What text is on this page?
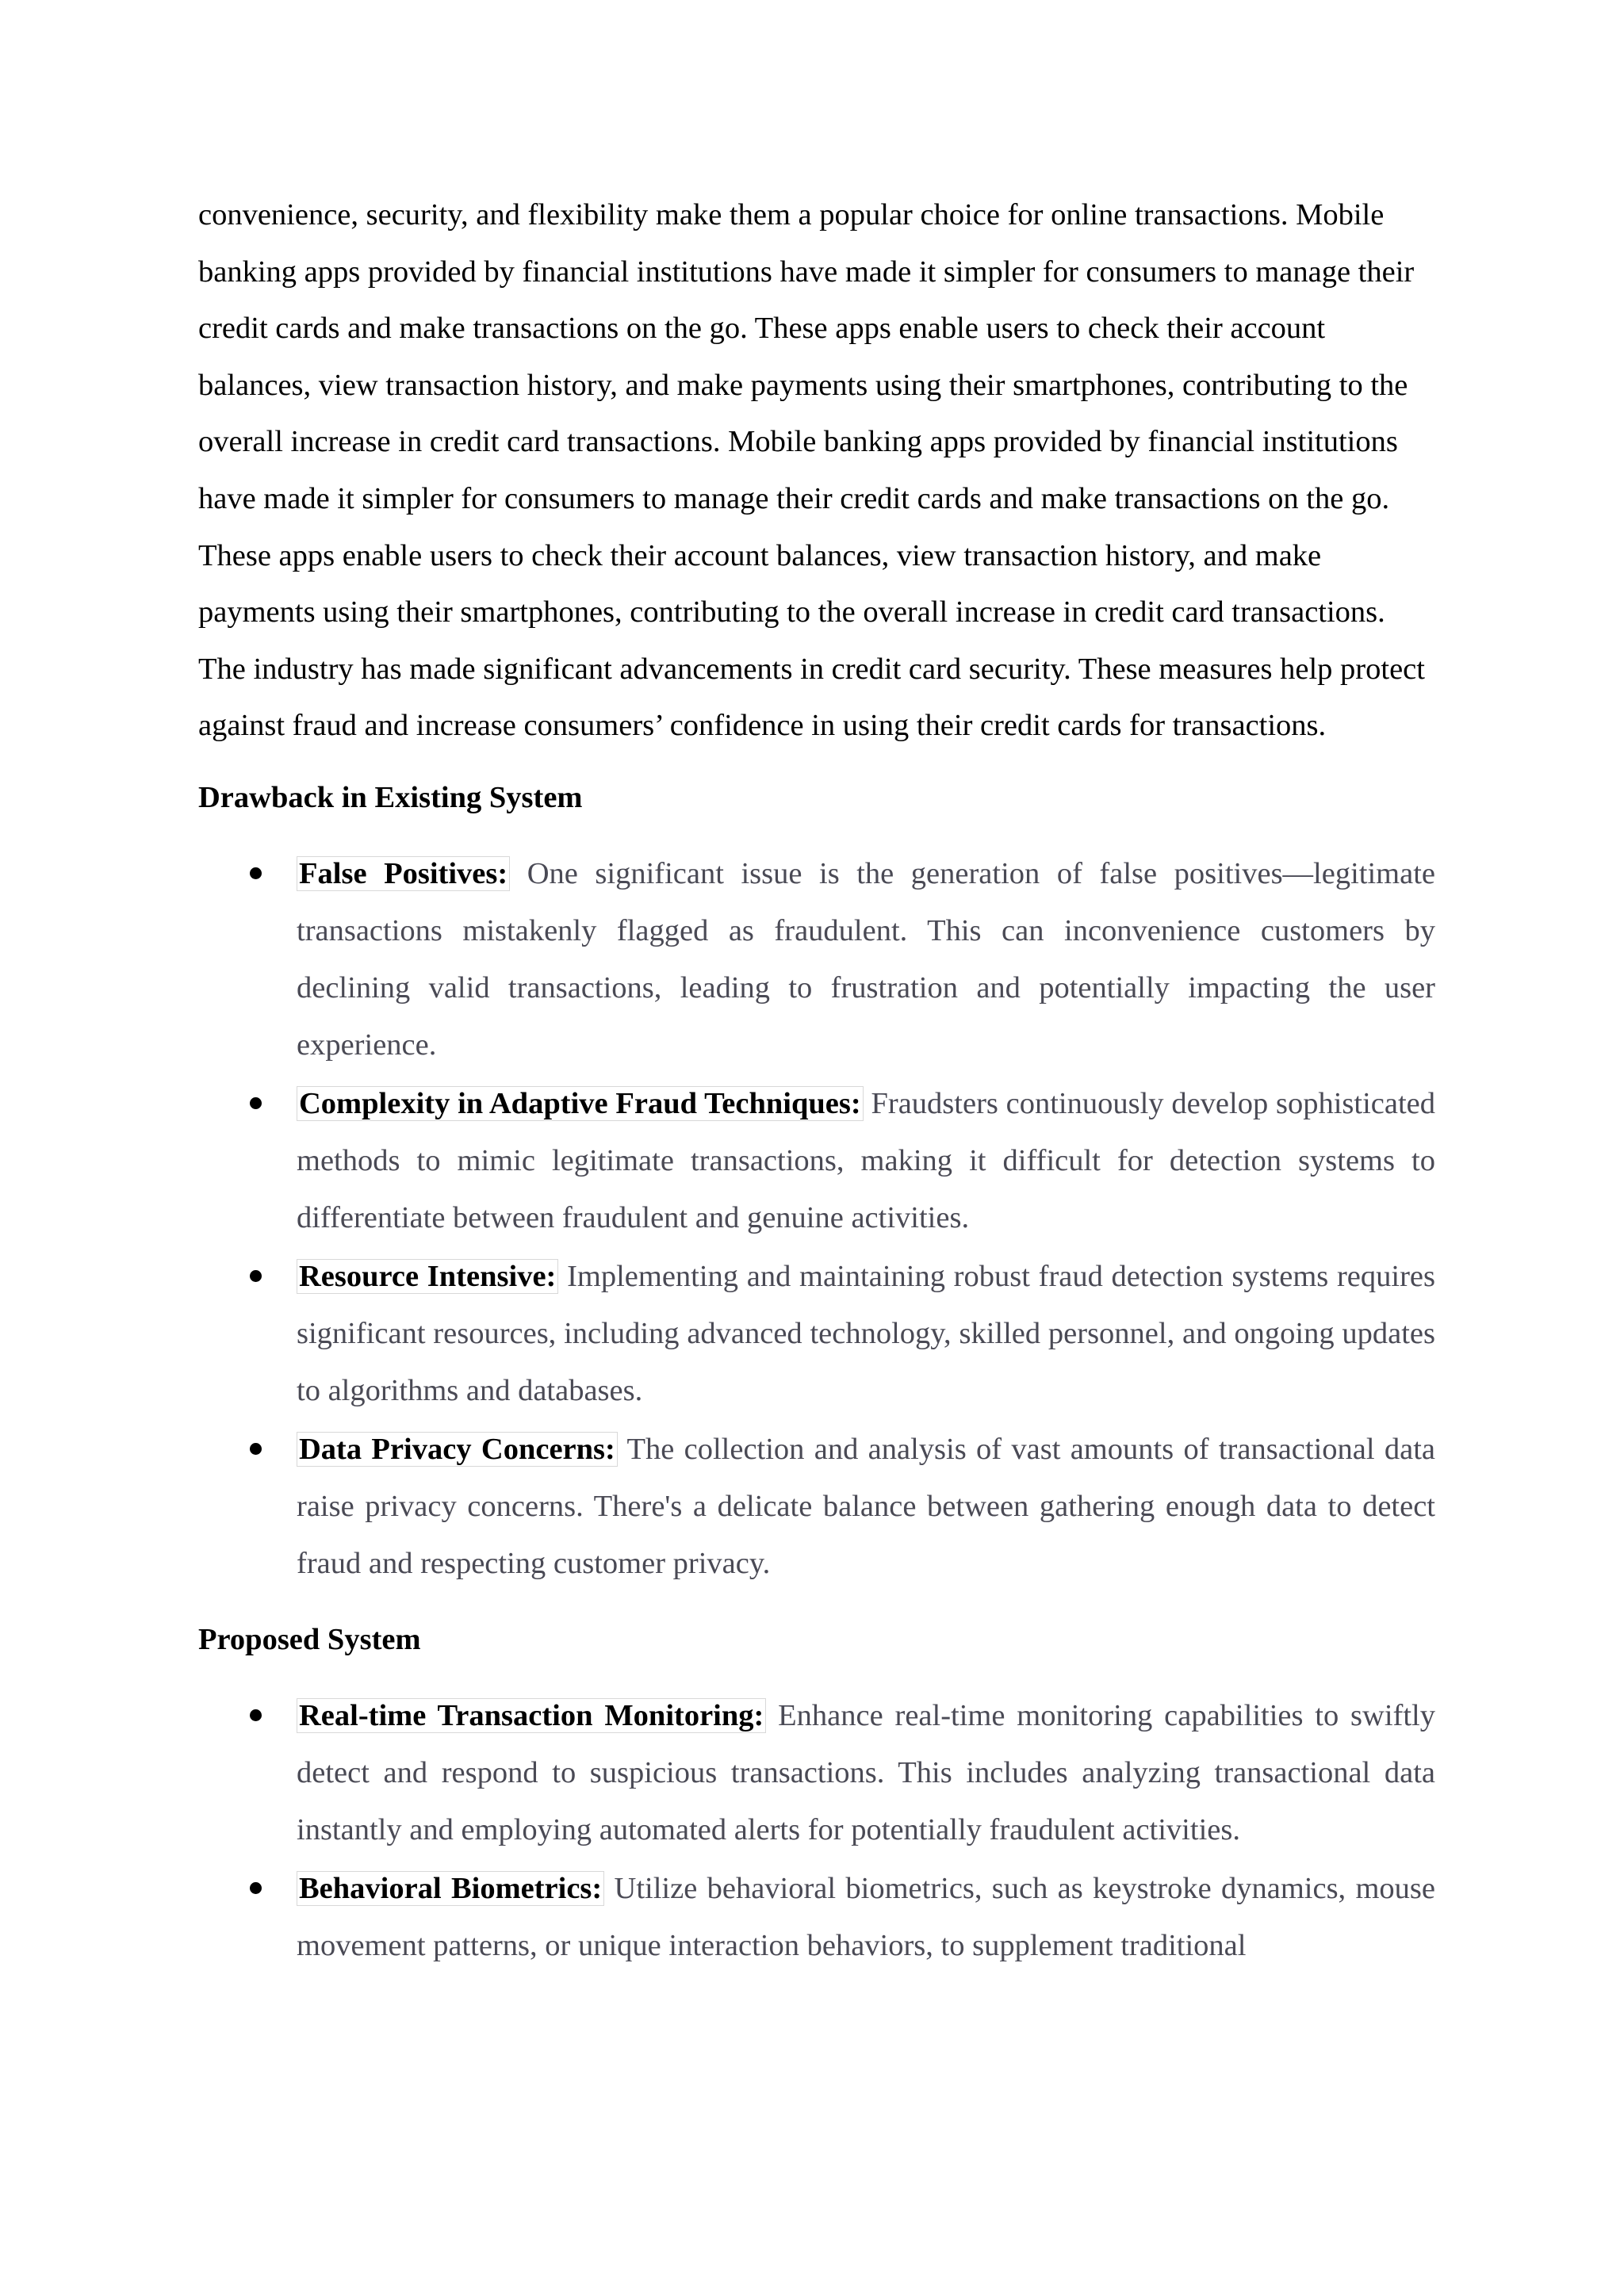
convenience, security, and flexibility make them a popular choice for online transactions. Mobile banking apps provided by financial institutions have made it simpler for consumers to manage their credit cards and make transactions on the go. These apps enable users to check their account balances, view transaction history, and make payments using their smartphones, contributing to the overall increase in credit card transactions. Mobile banking apps provided by financial institutions have made it simpler for consumers to manage their credit cards and make transactions on the go. These apps enable users to check their account balances, view transaction history, and make payments using their smartphones, contributing to the overall increase in credit card transactions. The industry has made significant advancements in credit card security. These measures help protect against fraud and increase consumers’ confidence in using their credit cards for transactions.

Drawback in Existing System
False Positives: One significant issue is the generation of false positives—legitimate transactions mistakenly flagged as fraudulent. This can inconvenience customers by declining valid transactions, leading to frustration and potentially impacting the user experience.
Complexity in Adaptive Fraud Techniques: Fraudsters continuously develop sophisticated methods to mimic legitimate transactions, making it difficult for detection systems to differentiate between fraudulent and genuine activities.
Resource Intensive: Implementing and maintaining robust fraud detection systems requires significant resources, including advanced technology, skilled personnel, and ongoing updates to algorithms and databases.
Data Privacy Concerns: The collection and analysis of vast amounts of transactional data raise privacy concerns. There's a delicate balance between gathering enough data to detect fraud and respecting customer privacy.
Proposed System
Real-time Transaction Monitoring: Enhance real-time monitoring capabilities to swiftly detect and respond to suspicious transactions. This includes analyzing transactional data instantly and employing automated alerts for potentially fraudulent activities.
Behavioral Biometrics: Utilize behavioral biometrics, such as keystroke dynamics, mouse movement patterns, or unique interaction behaviors, to supplement traditional
